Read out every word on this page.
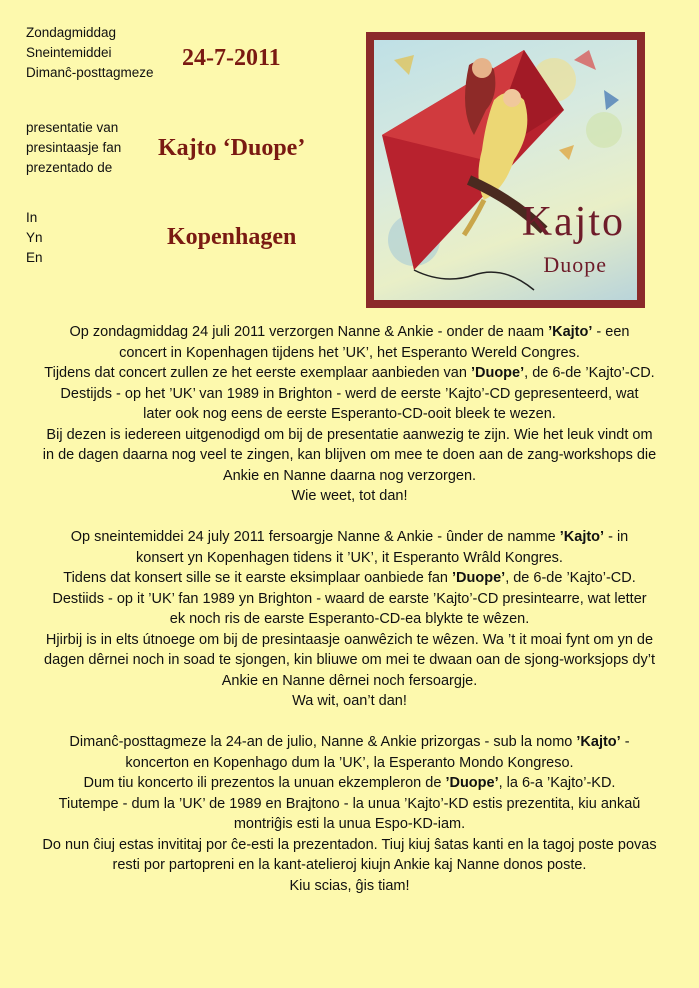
Zondagmiddag
Sneintemiddei
Dimanĉ-posttagmeze
24-7-2011
presentatie van
presintaasje fan
prezentado de
Kajto ‘Duope’
In
Yn
En
Kopenhagen	Kajto
Duope

Op zondagmiddag 24 juli 2011 verzorgen Nanne & Ankie - onder de naam ’Kajto’ - een
concert in Kopenhagen tijdens het ’UK’, het Esperanto Wereld Congres.
Tijdens dat concert zullen ze het eerste exemplaar aanbieden van ’Duope’, de 6-de ’Kajto’-CD.
Destijds - op het ’UK’ van 1989 in Brighton - werd de eerste ’Kajto’-CD gepresenteerd, wat
later ook nog eens de eerste Esperanto-CD-ooit bleek te wezen.
Bij dezen is iedereen uitgenodigd om bij de presentatie aanwezig te zijn. Wie het leuk vindt om
in de dagen daarna nog veel te zingen, kan blijven om mee te doen aan de zang-workshops die
Ankie en Nanne daarna nog verzorgen.
Wie weet, tot dan!

Op sneintemiddei 24 july 2011 fersoargje Nanne & Ankie - ûnder de namme ’Kajto’ - in
konsert yn Kopenhagen tidens it ’UK’, it Esperanto Wrâld Kongres.
Tidens dat konsert sille se it earste eksimplaar oanbiede fan ’Duope’, de 6-de ’Kajto’-CD.
Destiids - op it ’UK’ fan 1989 yn Brighton - waard de earste ’Kajto’-CD presintearre, wat letter
ek noch ris de earste Esperanto-CD-ea blykte te wêzen.
Hjirbij is in elts útnoege om bij de presintaasje oanwêzich te wêzen. Wa ’t it moai fynt om yn de
dagen dêrnei noch in soad te sjongen, kin bliuwe om mei te dwaan oan de sjong-worksjops dy’t
Ankie en Nanne dêrnei noch fersoargje.
Wa wit, oan’t dan!

Dimanĉ-posttagmeze la 24-an de julio, Nanne & Ankie prizorgas - sub la nomo ’Kajto’ -
koncerton en Kopenhago dum la ’UK’, la Esperanto Mondo Kongreso.
Dum tiu koncerto ili prezentos la unuan ekzempleron de ’Duope’, la 6-a ’Kajto’-KD.
Tiutempe - dum la ’UK’ de 1989 en Brajtono - la unua ’Kajto’-KD estis prezentita, kiu ankaŭ
montriĝis esti la unua Espo-KD-iam.
Do nun ĉiuj estas invititaj por ĉe-esti la prezentadon. Tiuj kiuj ŝatas kanti en la tagoj poste povas
resti por partopreni en la kant-atelieroj kiujn Ankie kaj Nanne donos poste.
Kiu scias, ĝis tiam!
